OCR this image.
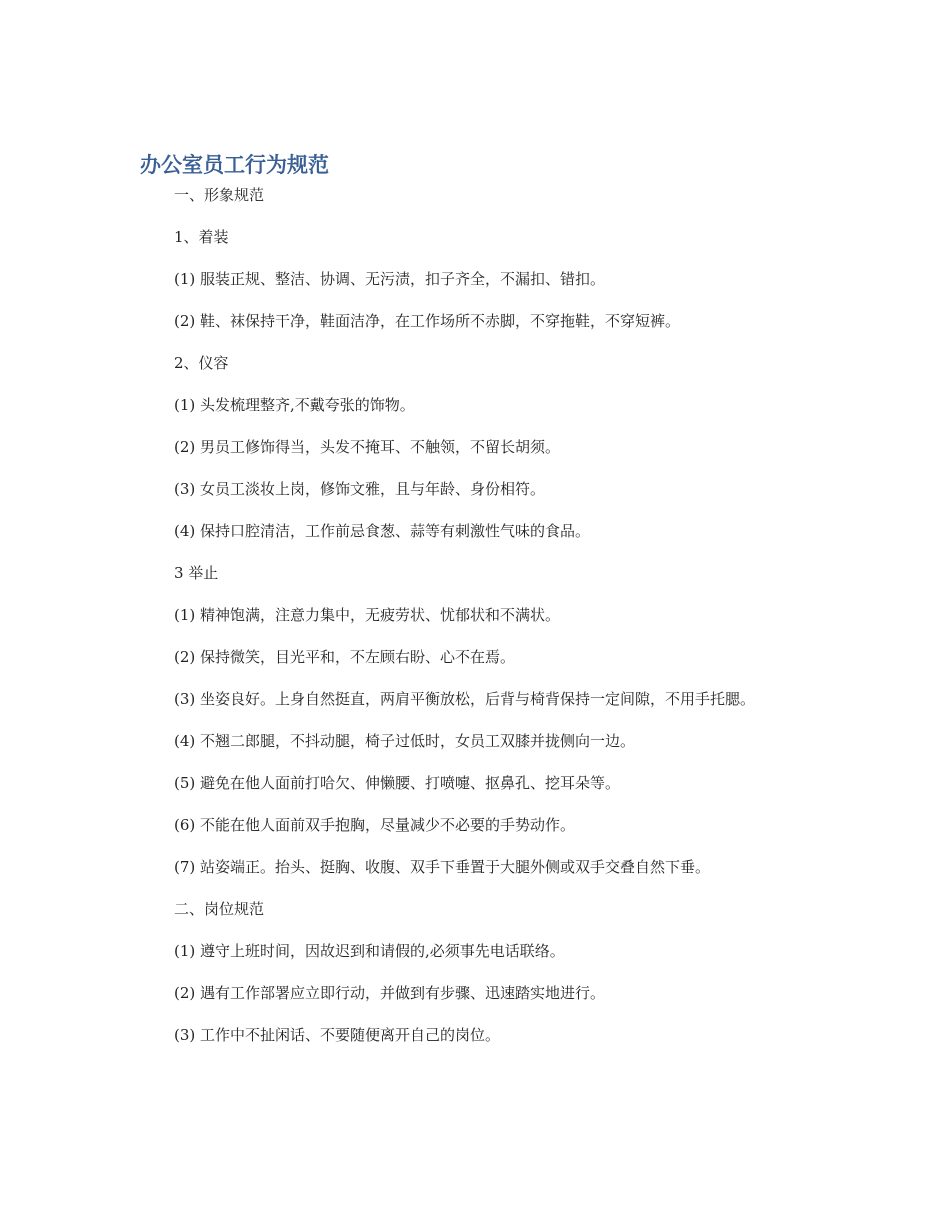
办公室员工行为规范

一、形象规范

1、着装

(1) 服装正规、整洁、协调、无污渍，扣子齐全，不漏扣、错扣。

(2) 鞋、袜保持干净，鞋面洁净，在工作场所不赤脚，不穿拖鞋，不穿短裤。

2、仪容

(1) 头发梳理整齐,不戴夸张的饰物。

(2) 男员工修饰得当，头发不掩耳、不触领，不留长胡须。

(3) 女员工淡妆上岗，修饰文雅，且与年龄、身份相符。

(4) 保持口腔清洁，工作前忌食葱、蒜等有刺激性气味的食品。

3 举止

(1) 精神饱满，注意力集中，无疲劳状、忧郁状和不满状。

(2) 保持微笑，目光平和，不左顾右盼、心不在焉。

(3) 坐姿良好。上身自然挺直，两肩平衡放松，后背与椅背保持一定间隙，不用手托腮。

(4) 不翘二郎腿，不抖动腿，椅子过低时，女员工双膝并拢侧向一边。

(5) 避免在他人面前打哈欠、伸懒腰、打喷嚏、抠鼻孔、挖耳朵等。

(6) 不能在他人面前双手抱胸，尽量减少不必要的手势动作。

(7) 站姿端正。抬头、挺胸、收腹、双手下垂置于大腿外侧或双手交叠自然下垂。

二、岗位规范

(1) 遵守上班时间，因故迟到和请假的,必须事先电话联络。

(2) 遇有工作部署应立即行动，并做到有步骤、迅速踏实地进行。

(3) 工作中不扯闲话、不要随便离开自己的岗位。
